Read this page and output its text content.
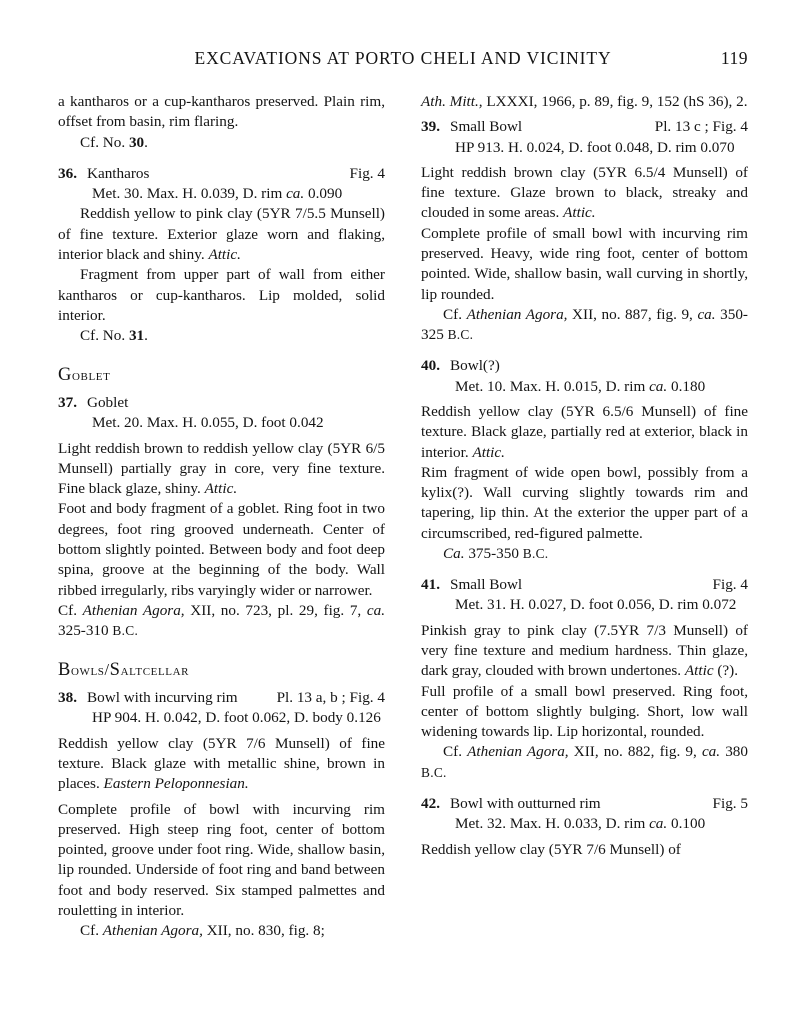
EXCAVATIONS AT PORTO CHELI AND VICINITY	119

a kantharos or a cup-kantharos preserved. Plain rim, offset from basin, rim flaring.

Cf. No. 30.

36. Kantharos	Fig. 4

Met. 30. Max. H. 0.039, D. rim ca. 0.090

Reddish yellow to pink clay (5YR 7/5.5 Munsell) of fine texture. Exterior glaze worn and flaking, interior black and shiny. Attic.

Fragment from upper part of wall from either kantharos or cup-kantharos. Lip molded, solid interior.

Cf. No. 31.

Goblet

37. Goblet

Met. 20. Max. H. 0.055, D. foot 0.042

Light reddish brown to reddish yellow clay (5YR 6/5 Munsell) partially gray in core, very fine texture. Fine black glaze, shiny. Attic.

Foot and body fragment of a goblet. Ring foot in two degrees, foot ring grooved underneath. Center of bottom slightly pointed. Between body and foot deep spina, groove at the beginning of the body. Wall ribbed irregularly, ribs varyingly wider or narrower.

Cf. Athenian Agora, XII, no. 723, pl. 29, fig. 7, ca. 325-310 B.C.

Bowls/Saltcellar

38. Bowl with incurving rim	Pl. 13 a, b ; Fig. 4

HP 904. H. 0.042, D. foot 0.062, D. body 0.126

Reddish yellow clay (5YR 7/6 Munsell) of fine texture. Black glaze with metallic shine, brown in places. Eastern Peloponnesian.

Complete profile of bowl with incurving rim preserved. High steep ring foot, center of bottom pointed, groove under foot ring. Wide, shallow basin, lip rounded. Underside of foot ring and band between foot and body reserved. Six stamped palmettes and rouletting in interior.

Cf. Athenian Agora, XII, no. 830, fig. 8;

Ath. Mitt., LXXXI, 1966, p. 89, fig. 9, 152 (hS 36), 2.

39. Small Bowl	Pl. 13 c ; Fig. 4

HP 913. H. 0.024, D. foot 0.048, D. rim 0.070

Light reddish brown clay (5YR 6.5/4 Munsell) of fine texture. Glaze brown to black, streaky and clouded in some areas. Attic.

Complete profile of small bowl with incurving rim preserved. Heavy, wide ring foot, center of bottom pointed. Wide, shallow basin, wall curving in shortly, lip rounded.

Cf. Athenian Agora, XII, no. 887, fig. 9, ca. 350-325 B.C.

40. Bowl(?)

Met. 10. Max. H. 0.015, D. rim ca. 0.180

Reddish yellow clay (5YR 6.5/6 Munsell) of fine texture. Black glaze, partially red at exterior, black in interior. Attic.

Rim fragment of wide open bowl, possibly from a kylix(?). Wall curving slightly towards rim and tapering, lip thin. At the exterior the upper part of a circumscribed, red-figured palmette.

Ca. 375-350 B.C.

41. Small Bowl	Fig. 4

Met. 31. H. 0.027, D. foot 0.056, D. rim 0.072

Pinkish gray to pink clay (7.5YR 7/3 Munsell) of very fine texture and medium hardness. Thin glaze, dark gray, clouded with brown undertones. Attic (?).

Full profile of a small bowl preserved. Ring foot, center of bottom slightly bulging. Short, low wall widening towards lip. Lip horizontal, rounded.

Cf. Athenian Agora, XII, no. 882, fig. 9, ca. 380 B.C.

42. Bowl with outturned rim	Fig. 5

Met. 32. Max. H. 0.033, D. rim ca. 0.100

Reddish yellow clay (5YR 7/6 Munsell) of
